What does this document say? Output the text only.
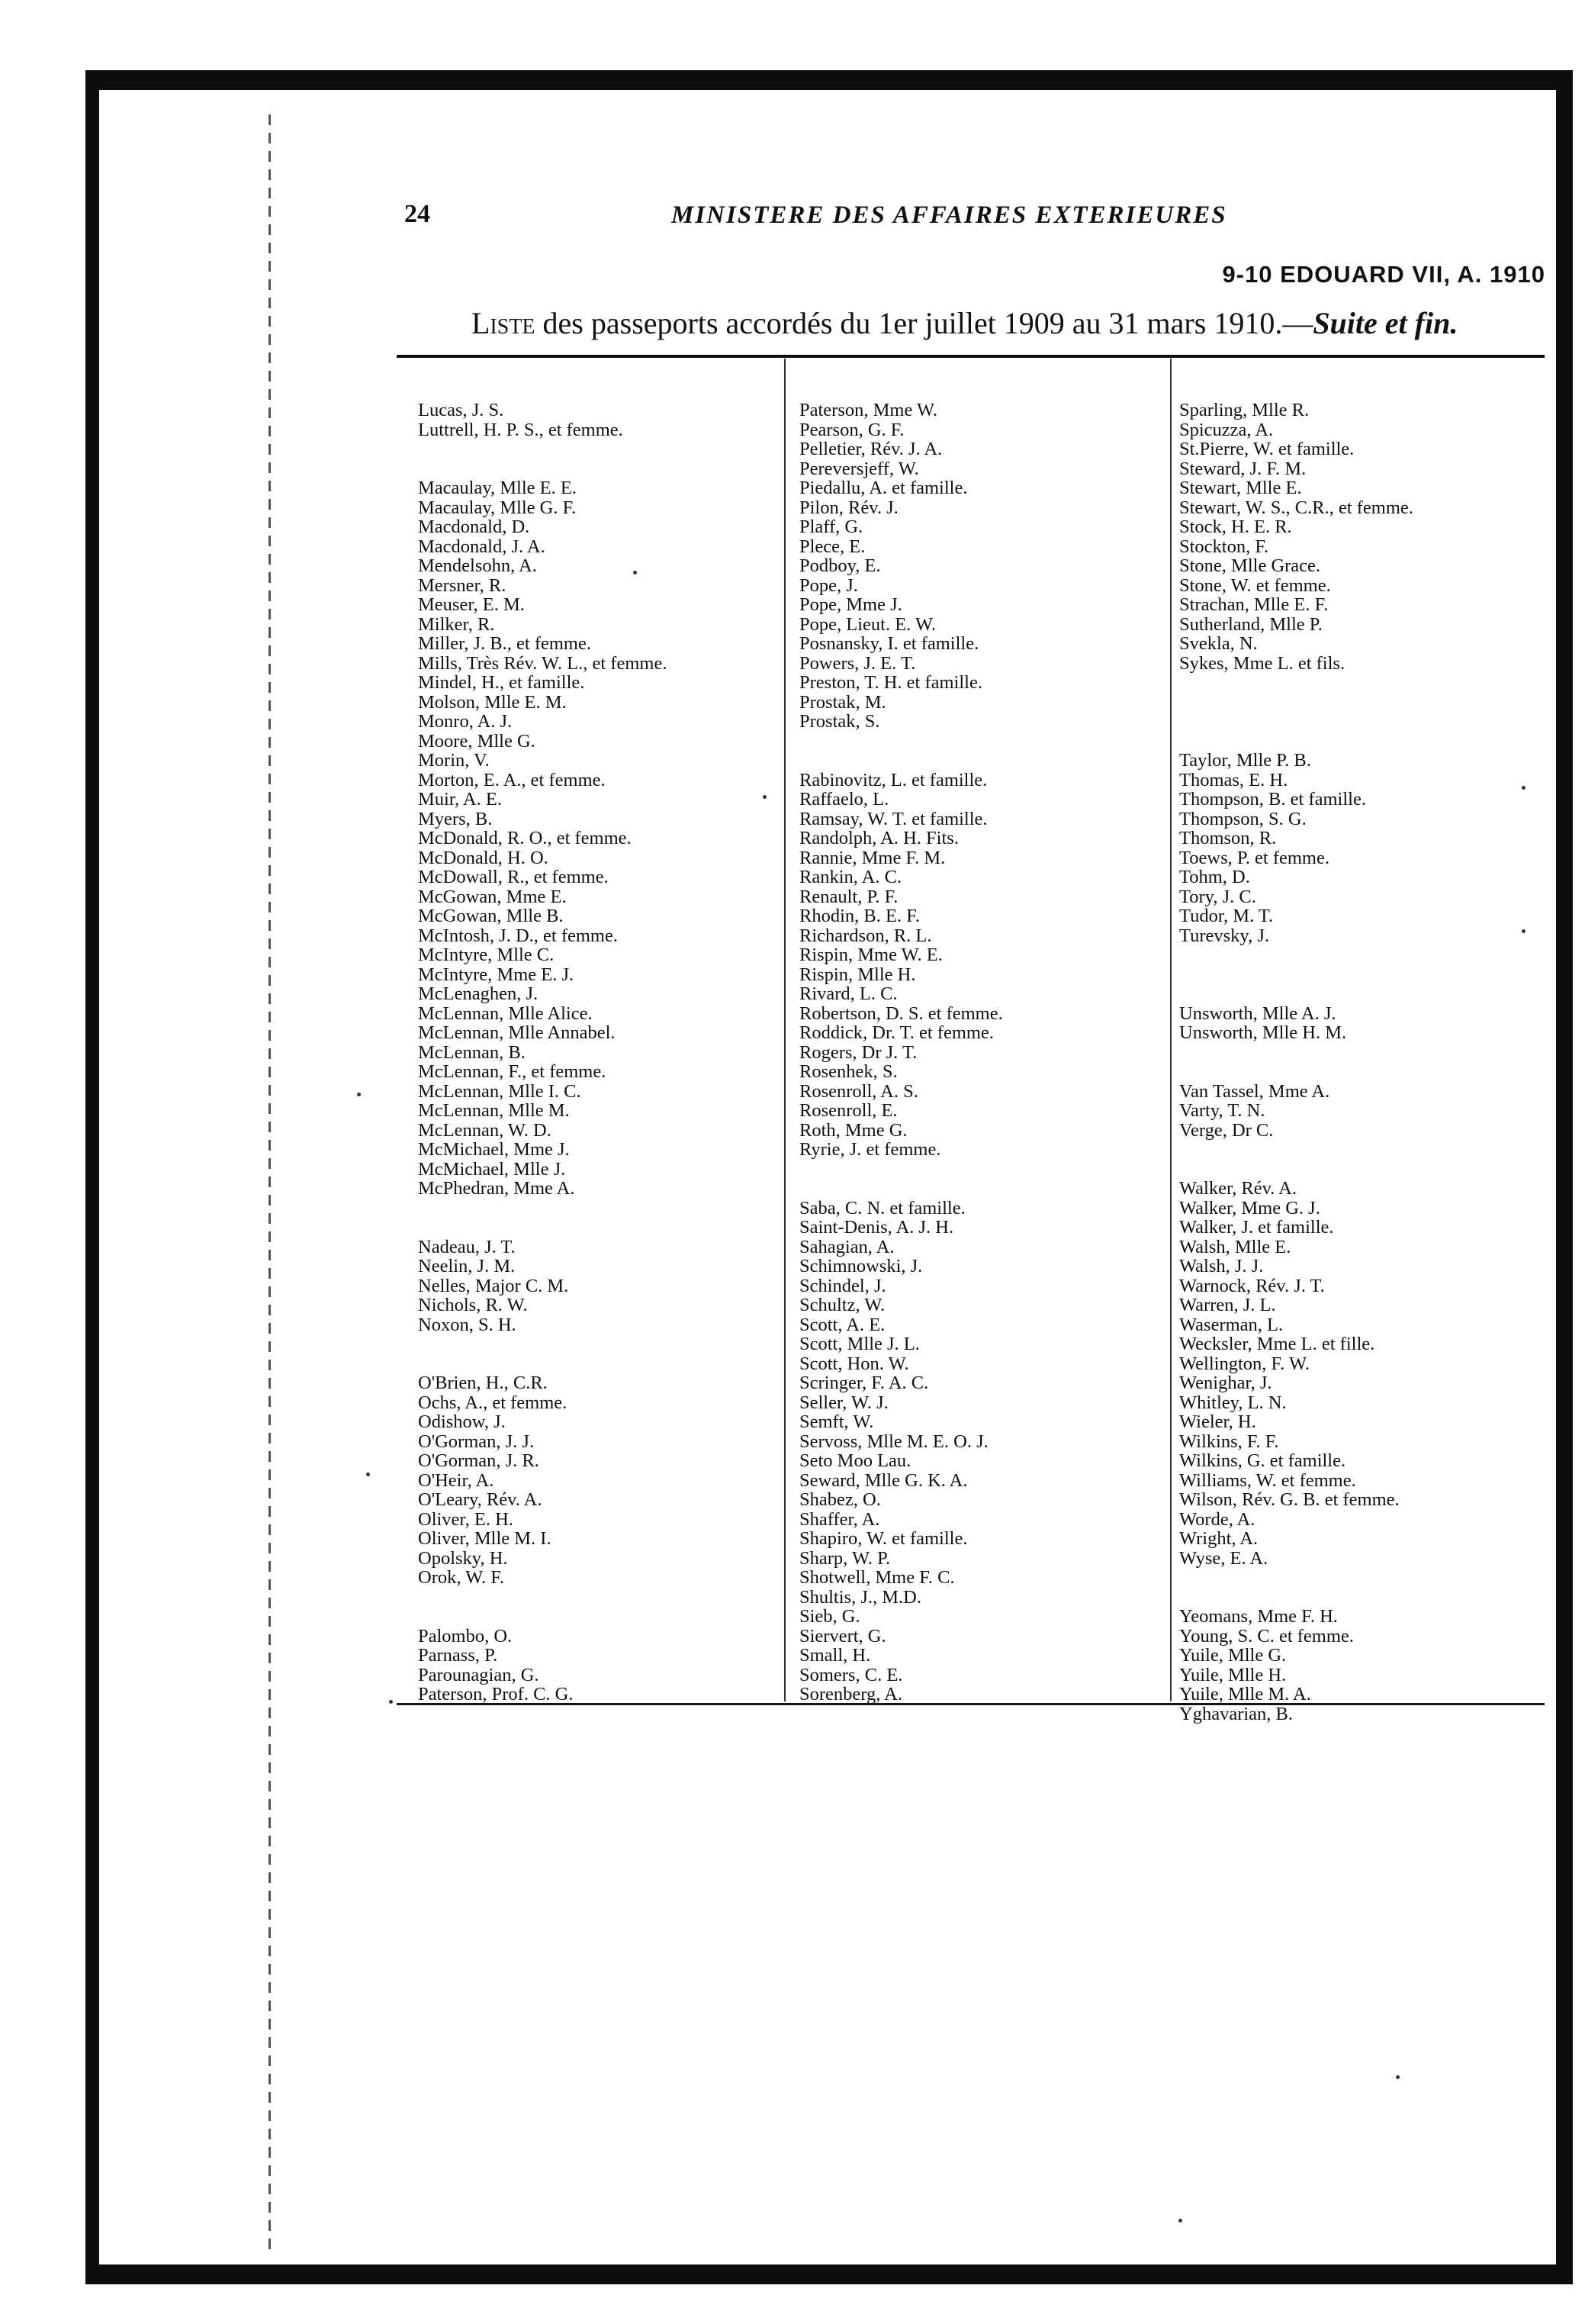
24	MINISTERE DES AFFAIRES EXTERIEURES
9-10 EDOUARD VII, A. 1910
Liste des passeports accordés du 1er juillet 1909 au 31 mars 1910.—Suite et fin.
Lucas, J. S.
Luttrell, H. P. S., et femme.
Macaulay, Mlle E. E.
Macaulay, Mlle G. F.
Macdonald, D.
Macdonald, J. A.
Mendelsohn, A.
Mersner, R.
Meuser, E. M.
Milker, R.
Miller, J. B., et femme.
Mills, Très Rév. W. L., et femme.
Mindel, H., et famille.
Molson, Mlle E. M.
Monro, A. J.
Moore, Mlle G.
Morin, V.
Morton, E. A., et femme.
Muir, A. E.
Myers, B.
McDonald, R. O., et femme.
McDonald, H. O.
McDowall, R., et femme.
McGowan, Mme E.
McGowan, Mlle B.
McIntosh, J. D., et femme.
McIntyre, Mlle C.
McIntyre, Mme E. J.
McLenaghen, J.
McLennan, Mlle Alice.
McLennan, Mlle Annabel.
McLennan, B.
McLennan, F., et femme.
McLennan, Mlle I. C.
McLennan, Mlle M.
McLennan, W. D.
McMichael, Mme J.
McMichael, Mlle J.
McPhedran, Mme A.
Nadeau, J. T.
Neelin, J. M.
Nelles, Major C. M.
Nichols, R. W.
Noxon, S. H.
O'Brien, H., C.R.
Ochs, A., et femme.
Odishow, J.
O'Gorman, J. J.
O'Gorman, J. R.
O'Heir, A.
O'Leary, Rév. A.
Oliver, E. H.
Oliver, Mlle M. I.
Opolsky, H.
Orok, W. F.
Palombo, O.
Parnass, P.
Parounagian, G.
Paterson, Prof. C. G.
Paterson, Mme W.
Pearson, G. F.
Pelletier, Rév. J. A.
Pereversjeff, W.
Piedallu, A. et famille.
Pilon, Rév. J.
Plaff, G.
Plece, E.
Podboy, E.
Pope, J.
Pope, Mme J.
Pope, Lieut. E. W.
Posnansky, I. et famille.
Powers, J. E. T.
Preston, T. H. et famille.
Prostak, M.
Prostak, S.
Rabinovitz, L. et famille.
Raffaelo, L.
Ramsay, W. T. et famille.
Randolph, A. H. Fits.
Rannie, Mme F. M.
Rankin, A. C.
Renault, P. F.
Rhodin, B. E. F.
Richardson, R. L.
Rispin, Mme W. E.
Rispin, Mlle H.
Rivard, L. C.
Robertson, D. S. et femme.
Roddick, Dr. T. et femme.
Rogers, Dr J. T.
Rosenhek, S.
Rosenroll, A. S.
Rosenroll, E.
Roth, Mme G.
Ryrie, J. et femme.
Saba, C. N. et famille.
Saint-Denis, A. J. H.
Sahagian, A.
Schimnowski, J.
Schindel, J.
Schultz, W.
Scott, A. E.
Scott, Mlle J. L.
Scott, Hon. W.
Scringer, F. A. C.
Seller, W. J.
Semft, W.
Servoss, Mlle M. E. O. J.
Seto Moo Lau.
Seward, Mlle G. K. A.
Shabez, O.
Shaffer, A.
Shapiro, W. et famille.
Sharp, W. P.
Shotwell, Mme F. C.
Shultis, J., M.D.
Sieb, G.
Siervert, G.
Small, H.
Somers, C. E.
Sorenberg, A.
Sparling, Mlle R.
Spicuzza, A.
St.Pierre, W. et famille.
Steward, J. F. M.
Stewart, Mlle E.
Stewart, W. S., C.R., et femme.
Stock, H. E. R.
Stockton, F.
Stone, Mlle Grace.
Stone, W. et femme.
Strachan, Mlle E. F.
Sutherland, Mlle P.
Svekla, N.
Sykes, Mme L. et fils.
Taylor, Mlle P. B.
Thomas, E. H.
Thompson, B. et famille.
Thompson, S. G.
Thomson, R.
Toews, P. et femme.
Tohm, D.
Tory, J. C.
Tudor, M. T.
Turevsky, J.
Unsworth, Mlle A. J.
Unsworth, Mlle H. M.
Van Tassel, Mme A.
Varty, T. N.
Verge, Dr C.
Walker, Rév. A.
Walker, Mme G. J.
Walker, J. et famille.
Walsh, Mlle E.
Walsh, J. J.
Warnock, Rév. J. T.
Warren, J. L.
Waserman, L.
Wecksler, Mme L. et fille.
Wellington, F. W.
Wenighar, J.
Whitley, L. N.
Wieler, H.
Wilkins, F. F.
Wilkins, G. et famille.
Williams, W. et femme.
Wilson, Rév. G. B. et femme.
Worde, A.
Wright, A.
Wyse, E. A.
Yeomans, Mme F. H.
Young, S. C. et femme.
Yuile, Mlle G.
Yuile, Mlle H.
Yuile, Mlle M. A.
Yghavarian, B.
